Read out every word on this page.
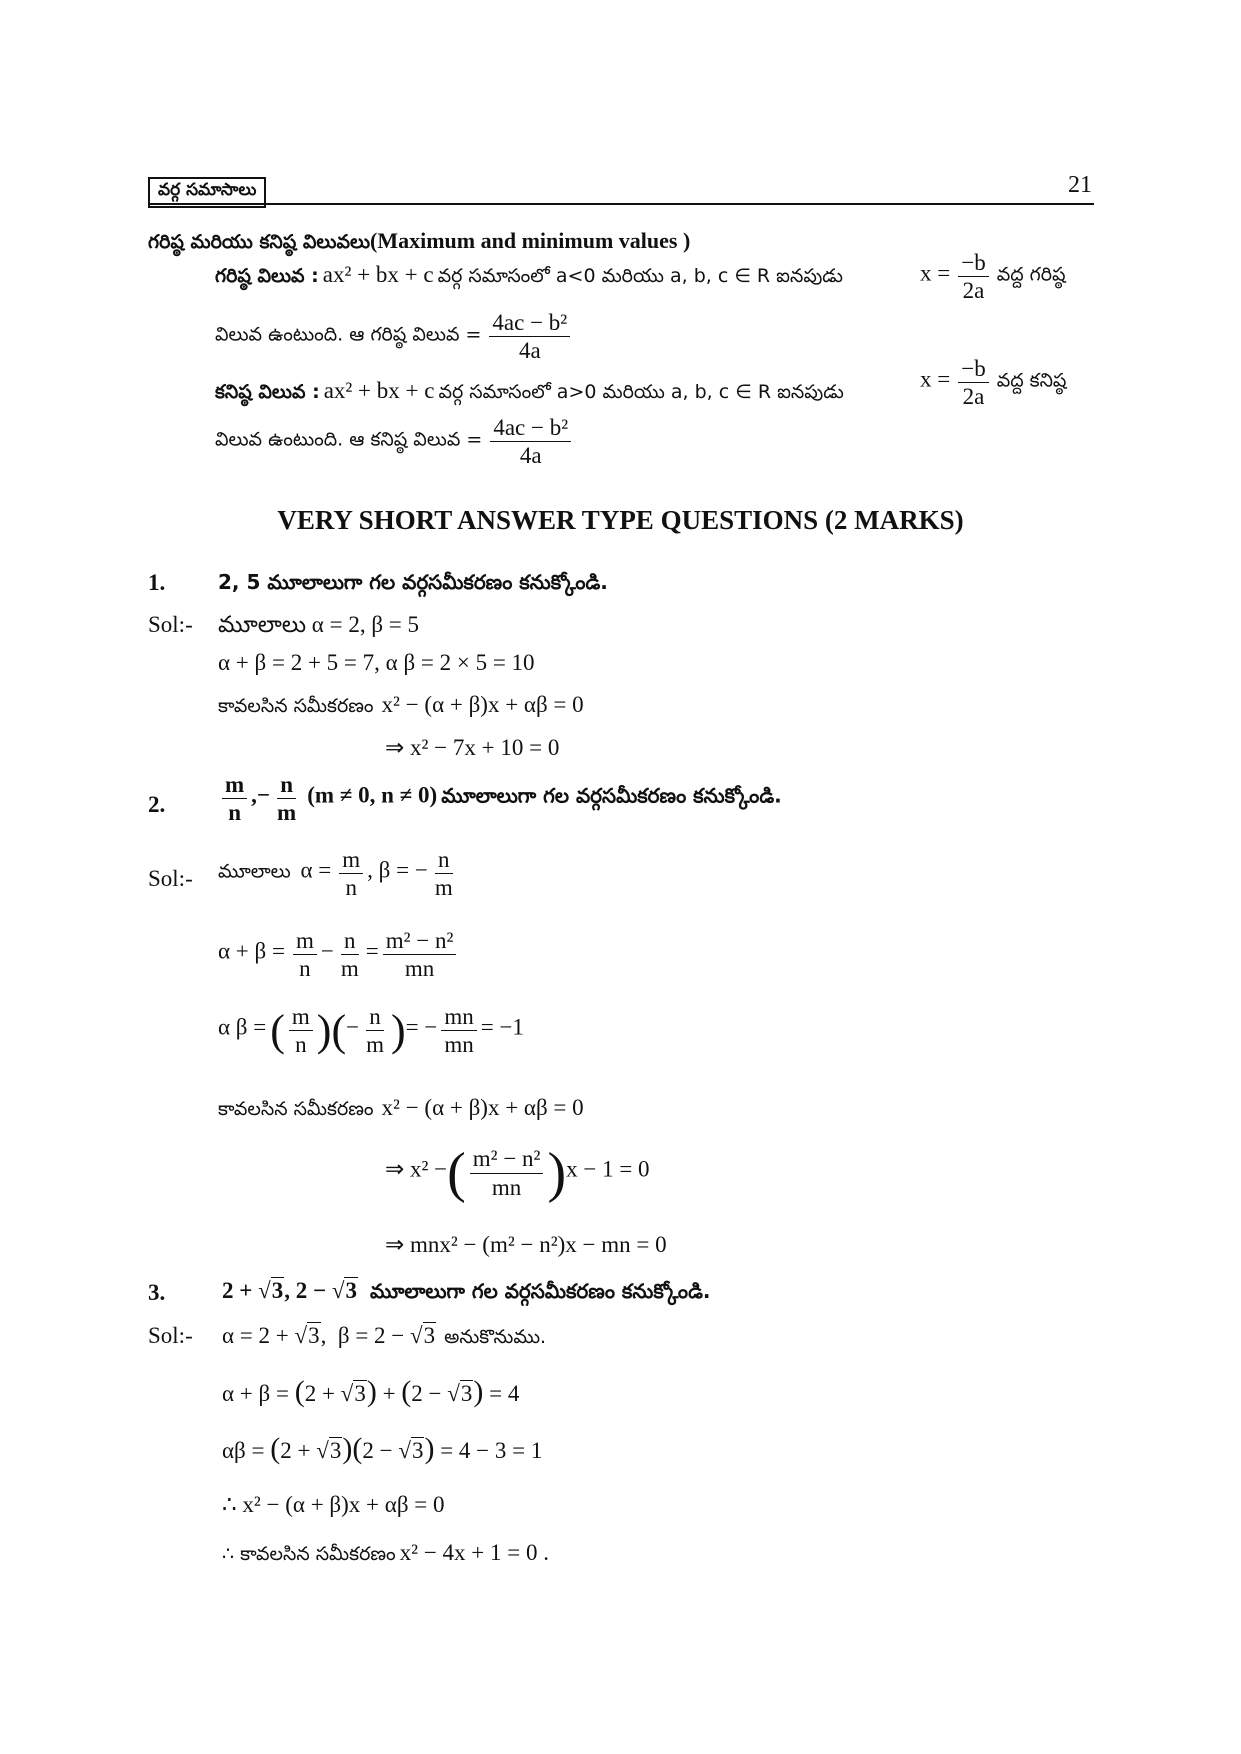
వర్గ సమాసాలు	21
గరిష్ఠ మరియు కనిష్ఠ విలువలు(Maximum and minimum values )
గరిష్ఠ విలువ : ax² + bx + c వర్గ సమాసంలో a<0 మరియు a, b, c ∈ R ఐనపుడు	$x = \frac{-b}{2a}$ వద్ద గరిష్ఠ
విలువ ఉంటుంది. ఆ గరిష్ఠ విలువ = $\frac{\text{4ac − b²}}{4a}$
కనిష్ఠ విలువ : ax² + bx + c వర్గ సమాసంలో a>0 మరియు a, b, c ∈ R ఐనపుడు
$x = \frac{-b}{2a}$ వద్ద కనిష్ఠ
విలువ ఉంటుంది. ఆ కనిష్ఠ విలువ = $\frac{\text{4ac − b²}}{4a}$
VERY SHORT ANSWER TYPE QUESTIONS (2 MARKS)
1.	2, 5 మూలాలుగా గల వర్గసమీకరణం కనుక్కోండి.
Sol:- మూలాలు α = 2, β = 5
α + β = 2 + 5 = 7, α β = 2 × 5 = 10
కావలసిన సమీకరణం x² − (α + β)x + αβ = 0
⇒ x² − 7x + 10 = 0
2. $\frac{m}{n}$ ,− $\frac{n}{m} (m \ne 0$, n ≠ 0) మూలాలుగా గల వర్గసమీకరణం కనుక్కోండి.
Sol:- మూలాలు  $\alpha = \frac{m}{n}$ , β = − $\frac{n}{m}$
$\alpha + \beta = \frac{m}{n} - \frac{n}{m} = \frac{\text{m² − n²}}{mn}$
α β = ( $\frac{m}{n}$ )(− $\frac{n}{m}$ )= − $\frac{mn}{mn} = -1$
కావలసిన సమీకరణం x² − (α + β)x + αβ = 0
⇒ x² −( $\frac{\text{m² − n²}}{mn} )x - 1 = 0$
⇒ mnx² − (m² − n²)x − mn = 0
3. 2 + √3, 2 − √3 మూలాలుగా గల వర్గసమీకరణం కనుక్కోండి.
Sol:- α = 2 + √3,  β = 2 − √3 అనుకొనుము.
α + β = (2 + √3) + (2 − √3) = 4
αβ = (2 + √3)(2 − √3) = 4 − 3 = 1
∴ x² − (α + β)x + αβ = 0
∴ కావలసిన సమీకరణం x² − 4x + 1 = 0 .
